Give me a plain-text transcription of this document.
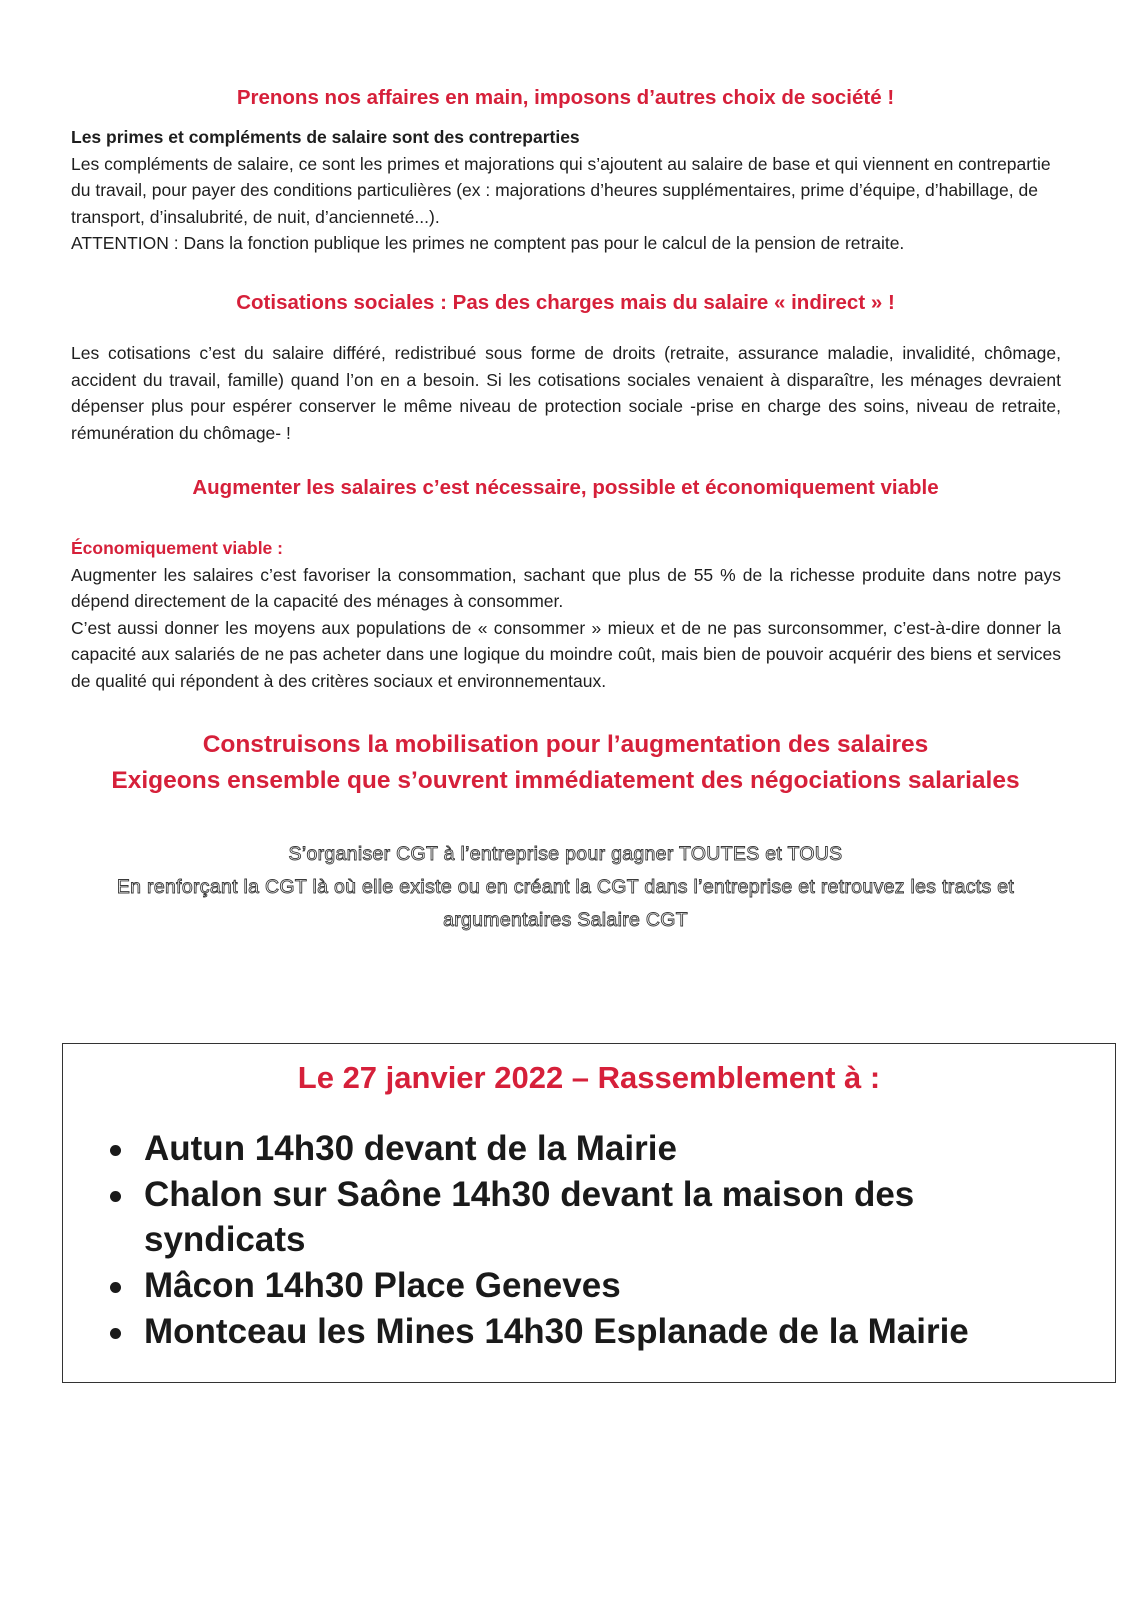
Prenons nos affaires en main, imposons d’autres choix de société !
Les primes et compléments de salaire sont des contreparties
Les compléments de salaire, ce sont les primes et majorations qui s’ajoutent au salaire de base et qui viennent en contrepartie du travail, pour payer des conditions particulières (ex : majorations d’heures supplémentaires, prime d’équipe, d’habillage, de transport, d’insalubrité, de nuit, d’ancienneté...).
ATTENTION : Dans la fonction publique les primes ne comptent pas pour le calcul de la pension de retraite.
Cotisations sociales : Pas des charges mais du salaire « indirect » !

Les cotisations c’est du salaire différé, redistribué sous forme de droits (retraite, assurance maladie, invalidité, chômage, accident du travail, famille) quand l’on en a besoin. Si les cotisations sociales venaient à disparaître, les ménages devraient dépenser plus pour espérer conserver le même niveau de protection sociale -prise en charge des soins, niveau de retraite, rémunération du chômage- !

Augmenter les salaires c’est nécessaire, possible et économiquement viable
Économiquement viable :
Augmenter les salaires c’est favoriser la consommation, sachant que plus de 55 % de la richesse produite dans notre pays dépend directement de la capacité des ménages à consommer.
C’est aussi donner les moyens aux populations de « consommer » mieux et de ne pas surconsommer, c’est-à-dire donner la capacité aux salariés de ne pas acheter dans une logique du moindre coût, mais bien de pouvoir acquérir des biens et services de qualité qui répondent à des critères sociaux et environnementaux.
Construisons la mobilisation pour l’augmentation des salaires
Exigeons ensemble que s’ouvrent immédiatement des négociations salariales
S’organiser CGT à l’entreprise pour gagner TOUTES et TOUS
En renforçant la CGT là où elle existe ou en créant la CGT dans l’entreprise et retrouvez les tracts et argumentaires Salaire CGT
Le 27 janvier 2022 – Rassemblement à :
Autun 14h30 devant de la Mairie
Chalon sur Saône 14h30 devant la maison des syndicats
Mâcon 14h30 Place Geneves
Montceau les Mines 14h30 Esplanade de la Mairie
